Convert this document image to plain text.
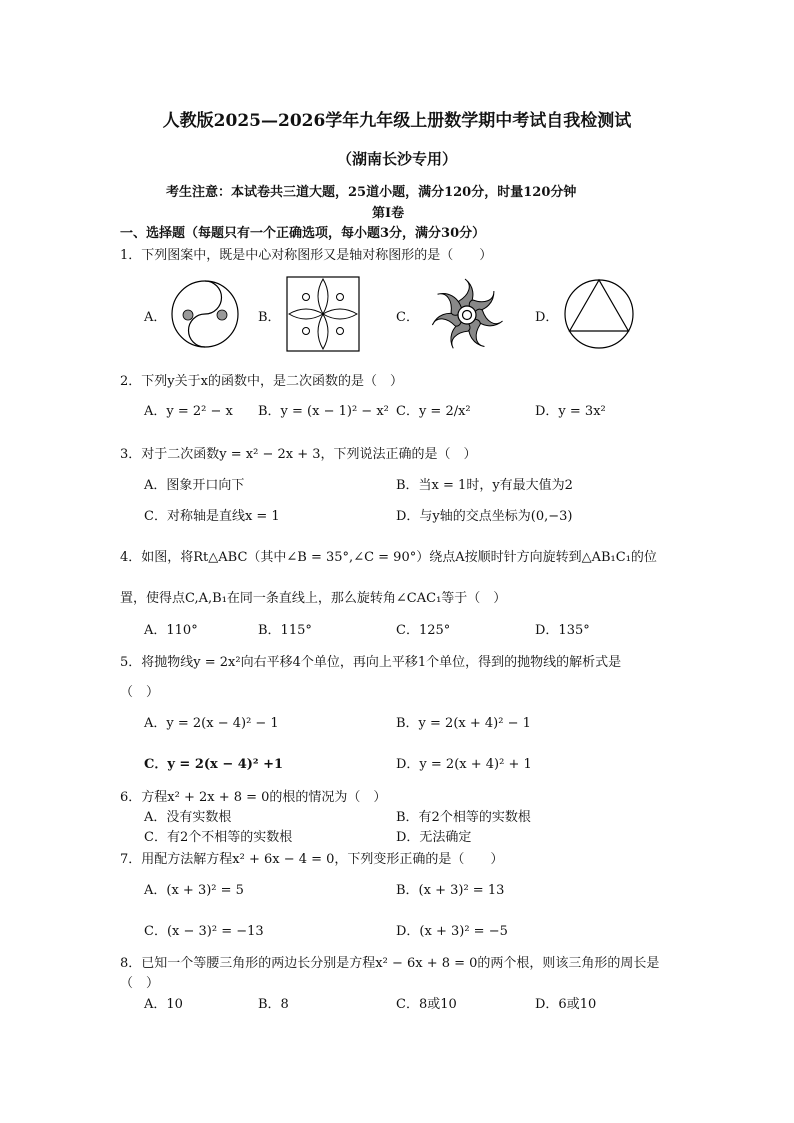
人教版2025—2026学年九年级上册数学期中考试自我检测试
（湖南长沙专用）
考生注意：本试卷共三道大题，25道小题，满分120分，时量120分钟
第Ⅰ卷
一、选择题（每题只有一个正确选项，每小题3分，满分30分）
1．下列图案中，既是中心对称图形又是轴对称图形的是（　　）
A．	B．	C．	D．
2．下列y关于x的函数中，是二次函数的是（　）
A．y = 2² − x B．y = (x − 1)² − x² C．y = 2/x²	D．y = 3x²
3．对于二次函数y = x² − 2x + 3，下列说法正确的是（　）
A．图象开口向下	B．当x = 1时，y有最大值为2
C．对称轴是直线x = 1	D．与y轴的交点坐标为(0,−3)
4．如图，将Rt△ABC（其中∠B = 35°,∠C = 90°）绕点A按顺时针方向旋转到△AB₁C₁的位
置，使得点C,A,B₁在同一条直线上，那么旋转角∠CAC₁等于（　）
A．110°	B．115°	C．125°	D．135°
5．将抛物线y = 2x²向右平移4个单位，再向上平移1个单位，得到的抛物线的解析式是
（　）
A．y = 2(x − 4)² − 1	B．y = 2(x + 4)² − 1
C．y = 2(x − 4)² +1	D．y = 2(x + 4)² + 1
6．方程x² + 2x + 8 = 0的根的情况为（　）
A．没有实数根	B．有2个相等的实数根
C．有2个不相等的实数根	D．无法确定
7．用配方法解方程x² + 6x − 4 = 0，下列变形正确的是（　　）
A．(x + 3)² = 5	B．(x + 3)² = 13
C．(x − 3)² = −13	D．(x + 3)² = −5
8．已知一个等腰三角形的两边长分别是方程x² − 6x + 8 = 0的两个根，则该三角形的周长是
（　）
A．10	B．8	C．8或10	D．6或10
